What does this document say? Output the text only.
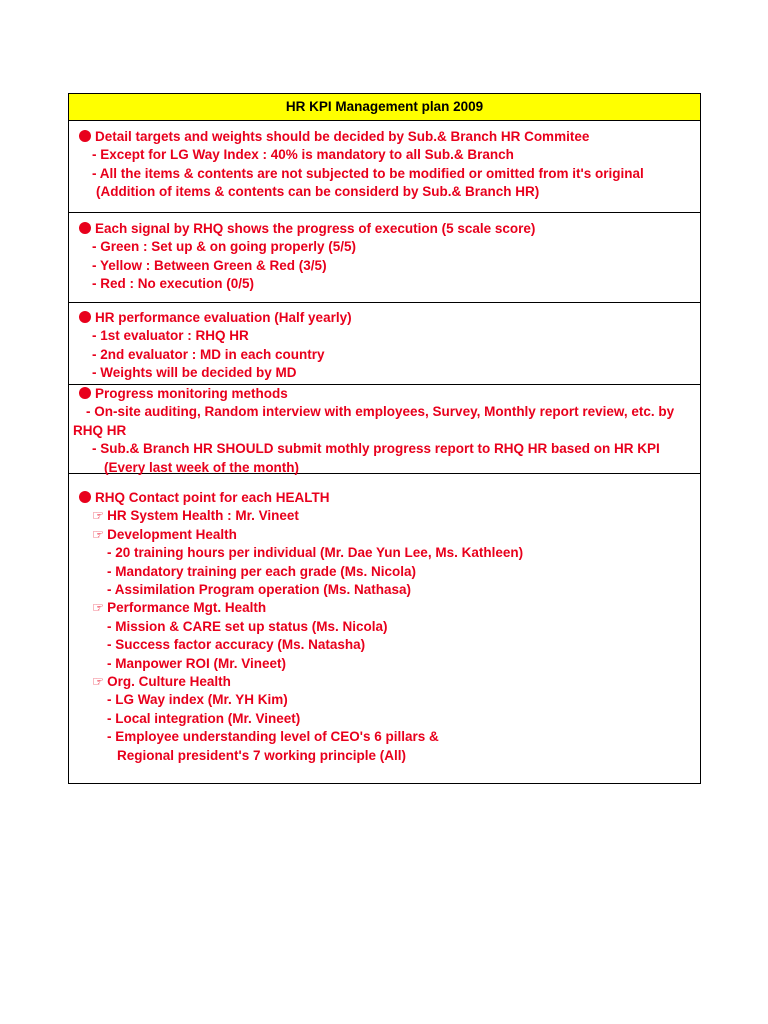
HR KPI Management plan 2009
Detail targets and weights should be decided by Sub.& Branch HR Commitee
- Except for LG Way Index : 40% is mandatory to all Sub.& Branch
- All the items & contents are not subjected to be modified or omitted from it's original
(Addition of items & contents can be considerd by Sub.& Branch HR)
Each signal by RHQ shows the progress of execution (5 scale score)
- Green : Set up & on going properly (5/5)
- Yellow : Between Green & Red (3/5)
- Red : No execution (0/5)
HR performance evaluation (Half yearly)
- 1st evaluator : RHQ HR
- 2nd evaluator : MD in each country
- Weights will be decided by MD
Progress monitoring methods
- On-site auditing, Random interview with employees, Survey, Monthly report review, etc. by RHQ HR
- Sub.& Branch HR SHOULD submit mothly progress report to RHQ HR based on HR KPI
(Every last week of the month)
RHQ Contact point for each HEALTH
☞ HR System Health : Mr. Vineet
☞ Development Health
- 20 training hours per individual (Mr. Dae Yun Lee, Ms. Kathleen)
- Mandatory training per each grade (Ms. Nicola)
- Assimilation Program operation (Ms. Nathasa)
☞ Performance Mgt. Health
- Mission & CARE set up status (Ms. Nicola)
- Success factor accuracy (Ms. Natasha)
- Manpower ROI (Mr. Vineet)
☞ Org. Culture Health
- LG Way index (Mr. YH Kim)
- Local integration (Mr. Vineet)
- Employee understanding level of CEO's 6 pillars &
Regional president's 7 working principle (All)
